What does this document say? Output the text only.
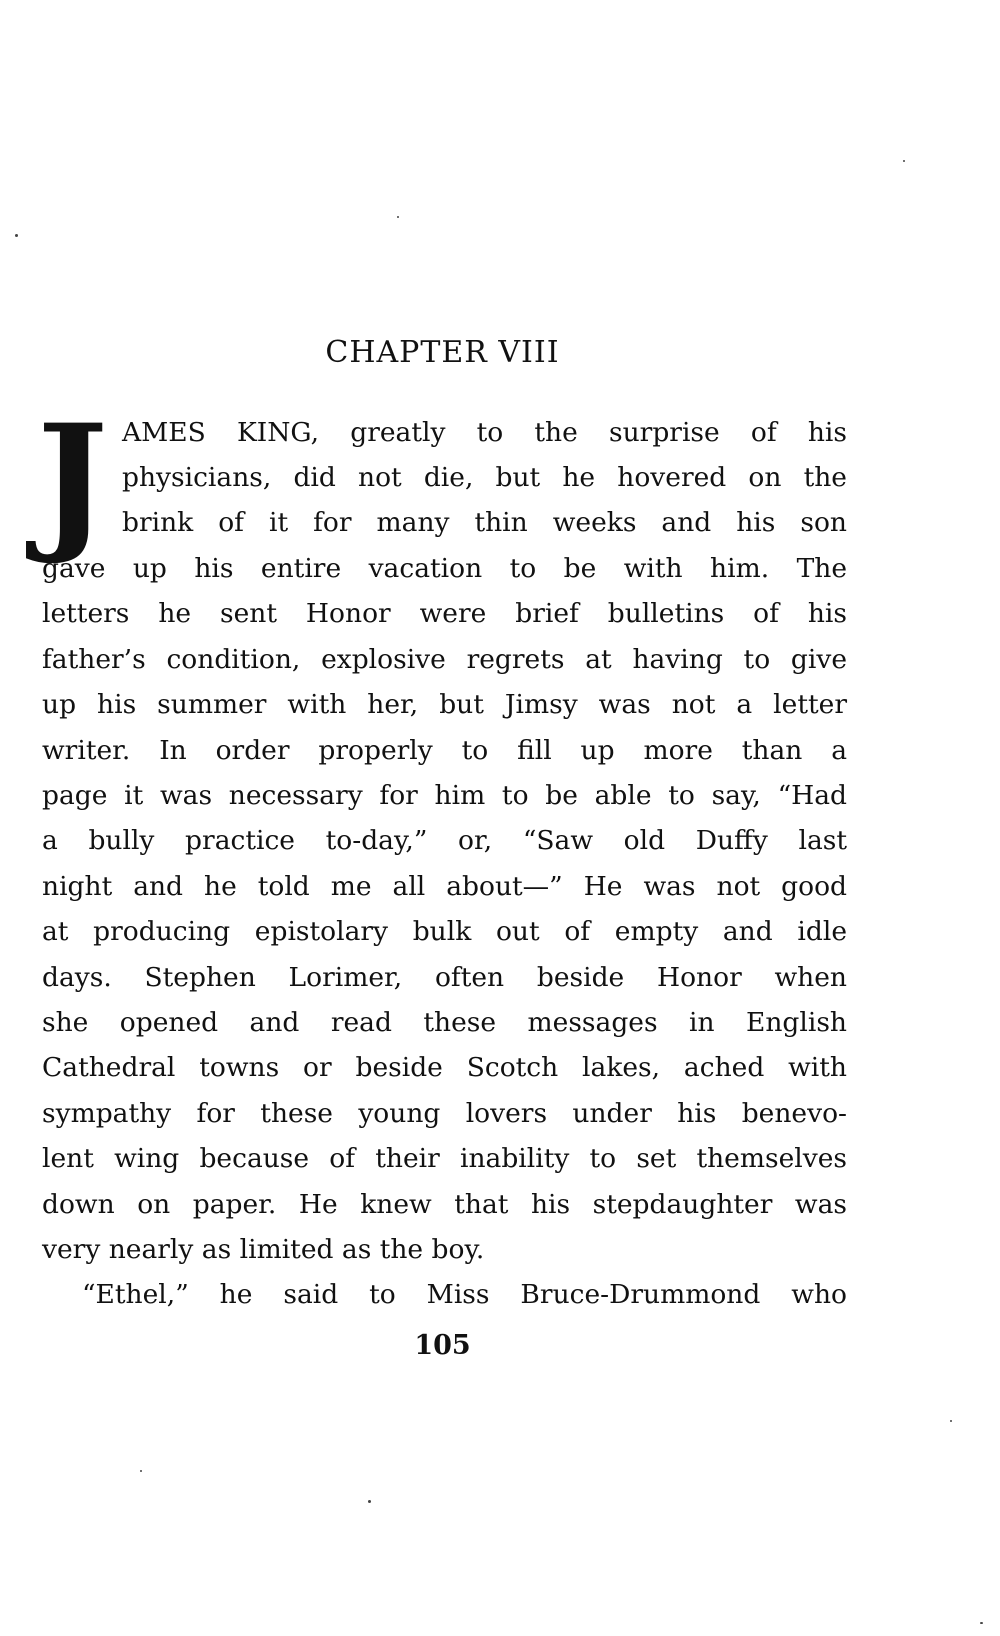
CHAPTER VIII
J AMES KING, greatly to the surprise of his
physicians, did not die, but he hovered on the
brink of it for many thin weeks and his son
gave up his entire vacation to be with him. The
letters he sent Honor were brief bulletins of his
father’s condition, explosive regrets at having to give
up his summer with her, but Jimsy was not a letter
writer. In order properly to fill up more than a
page it was necessary for him to be able to say, “Had
a bully practice to-day,” or, “Saw old Duffy last
night and he told me all about—” He was not good
at producing epistolary bulk out of empty and idle
days. Stephen Lorimer, often beside Honor when
she opened and read these messages in English
Cathedral towns or beside Scotch lakes, ached with
sympathy for these young lovers under his benevo-
lent wing because of their inability to set themselves
down on paper. He knew that his stepdaughter was
very nearly as limited as the boy.
“Ethel,” he said to Miss Bruce-Drummond who
105
